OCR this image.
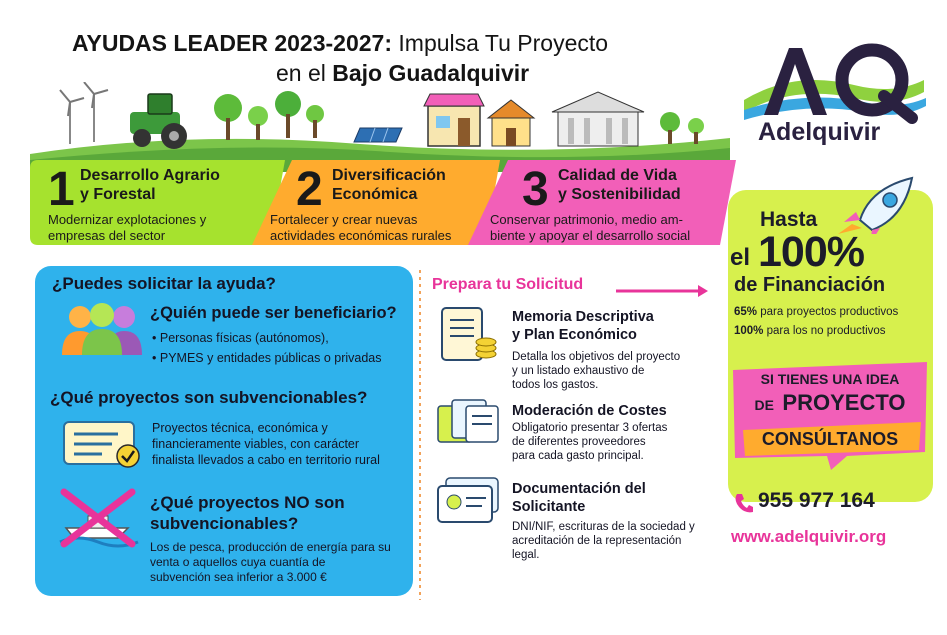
AYUDAS LEADER 2023-2027: Impulsa Tu Proyecto
en el Bajo Guadalquivir
Adelquivir
1 Desarrollo Agrario
y Forestal
Modernizar explotaciones y
empresas del sector
2 Diversificación
Económica
Fortalecer y crear nuevas
actividades económicas rurales
3 Calidad de Vida
y Sostenibilidad
Conservar patrimonio, medio am-
biente y apoyar el desarrollo social
¿Puedes solicitar la ayuda?
¿Quién puede ser beneficiario?
• Personas físicas (autónomos),
• PYMES y entidades públicas o privadas
¿Qué proyectos son subvencionables?
Proyectos técnica, económica y
financieramente viables, con carácter
finalista llevados a cabo en territorio rural
¿Qué proyectos NO son
subvencionables?
Los de pesca, producción de energía para su
venta o aquellos cuya cuantía de
subvención sea inferior a 3.000 €
Prepara tu Solicitud
Memoria Descriptiva
y Plan Económico
Detalla los objetivos del proyecto
y un listado exhaustivo de
todos los gastos.
Moderación de Costes
Obligatorio presentar 3 ofertas
de diferentes proveedores
para cada gasto principal.
Documentación del
Solicitante
DNI/NIF, escrituras de la sociedad y
acreditación de la representación
legal.
Hasta
el 100%
de Financiación
65% para proyectos productivos
100% para los no productivos
SI TIENES UNA IDEA
DE PROYECTO
CONSÚLTANOS
955 977 164
www.adelquivir.org
